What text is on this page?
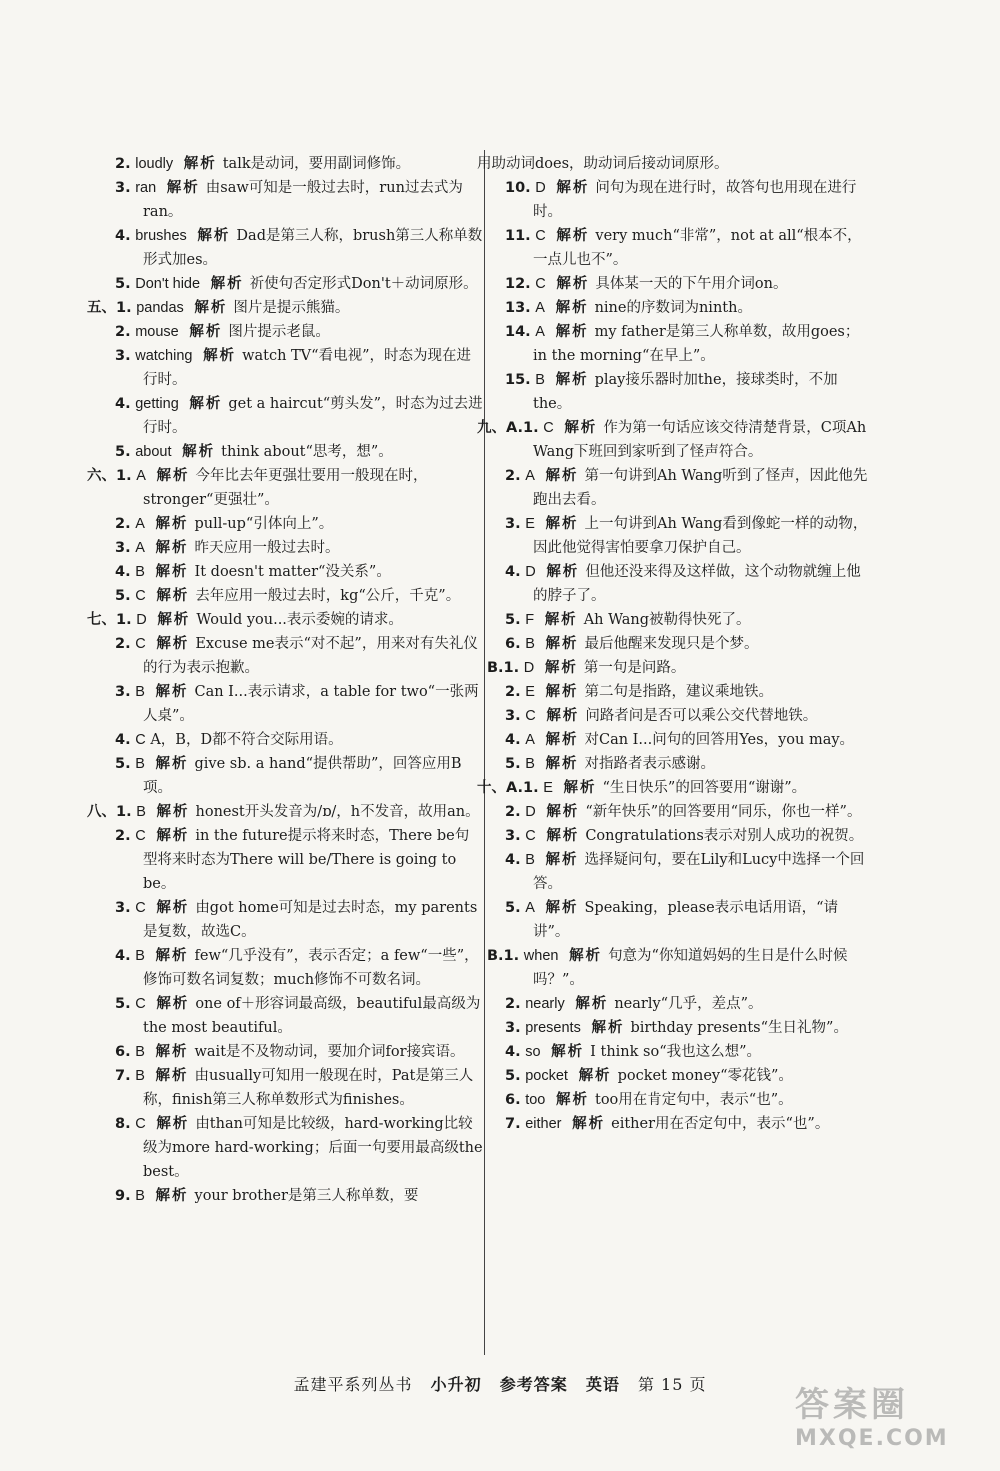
2. loudly 解析 talk是动词，要用副词修饰。
3. ran 解析 由saw可知是一般过去时，run过去式为ran。
4. brushes 解析 Dad是第三人称，brush第三人称单数形式加es。
5. Don't hide 解析 祈使句否定形式Don't＋动词原形。
五、1. pandas 解析 图片是提示熊猫。
2. mouse 解析 图片提示老鼠。
3. watching 解析 watch TV“看电视”，时态为现在进行时。
4. getting 解析 get a haircut“剪头发”，时态为过去进行时。
5. about 解析 think about“思考，想”。
六、1. A 解析 今年比去年更强壮要用一般现在时，stronger“更强壮”。
2. A 解析 pull-up“引体向上”。
3. A 解析 昨天应用一般过去时。
4. B 解析 It doesn't matter“没关系”。
5. C 解析 去年应用一般过去时，kg“公斤，千克”。
七、1. D 解析 Would you...表示委婉的请求。
2. C 解析 Excuse me表示“对不起”，用来对有失礼仪的行为表示抱歉。
3. B 解析 Can I...表示请求，a table for two“一张两人桌”。
4. C A，B，D都不符合交际用语。
5. B 解析 give sb. a hand“提供帮助”，回答应用B项。
八、1. B 解析 honest开头发音为/ɒ/，h不发音，故用an。
2. C 解析 in the future提示将来时态，There be句型将来时态为There will be/There is going to be。
3. C 解析 由got home可知是过去时态，my parents是复数，故选C。
4. B 解析 few“几乎没有”，表示否定；a few“一些”，修饰可数名词复数；much修饰不可数名词。
5. C 解析 one of＋形容词最高级，beautiful最高级为the most beautiful。
6. B 解析 wait是不及物动词，要加介词for接宾语。
7. B 解析 由usually可知用一般现在时，Pat是第三人称，finish第三人称单数形式为finishes。
8. C 解析 由than可知是比较级，hard-working比较级为more hard-working；后面一句要用最高级the best。
9. B 解析 your brother是第三人称单数，要
用助动词does，助动词后接动词原形。
10. D 解析 问句为现在进行时，故答句也用现在进行时。
11. C 解析 very much“非常”，not at all“根本不，一点儿也不”。
12. C 解析 具体某一天的下午用介词on。
13. A 解析 nine的序数词为ninth。
14. A 解析 my father是第三人称单数，故用goes；in the morning“在早上”。
15. B 解析 play接乐器时加the，接球类时，不加the。
九、A.1. C 解析 作为第一句话应该交待清楚背景，C项Ah Wang下班回到家听到了怪声符合。
2. A 解析 第一句讲到Ah Wang听到了怪声，因此他先跑出去看。
3. E 解析 上一句讲到Ah Wang看到像蛇一样的动物，因此他觉得害怕要拿刀保护自己。
4. D 解析 但他还没来得及这样做，这个动物就缠上他的脖子了。
5. F 解析 Ah Wang被勒得快死了。
6. B 解析 最后他醒来发现只是个梦。
B.1. D 解析 第一句是问路。
2. E 解析 第二句是指路，建议乘地铁。
3. C 解析 问路者问是否可以乘公交代替地铁。
4. A 解析 对Can I...问句的回答用Yes，you may。
5. B 解析 对指路者表示感谢。
十、A.1. E 解析 “生日快乐”的回答要用“谢谢”。
2. D 解析 “新年快乐”的回答要用“同乐，你也一样”。
3. C 解析 Congratulations表示对别人成功的祝贺。
4. B 解析 选择疑问句，要在Lily和Lucy中选择一个回答。
5. A 解析 Speaking，please表示电话用语，“请讲”。
B.1. when 解析 句意为“你知道妈妈的生日是什么时候吗？”。
2. nearly 解析 nearly“几乎，差点”。
3. presents 解析 birthday presents“生日礼物”。
4. so 解析 I think so“我也这么想”。
5. pocket 解析 pocket money“零花钱”。
6. too 解析 too用在肯定句中，表示“也”。
7. either 解析 either用在否定句中，表示“也”。
孟建平系列丛书 小升初 参考答案 英语 第 15 页
答案圈
MXQE.COM
